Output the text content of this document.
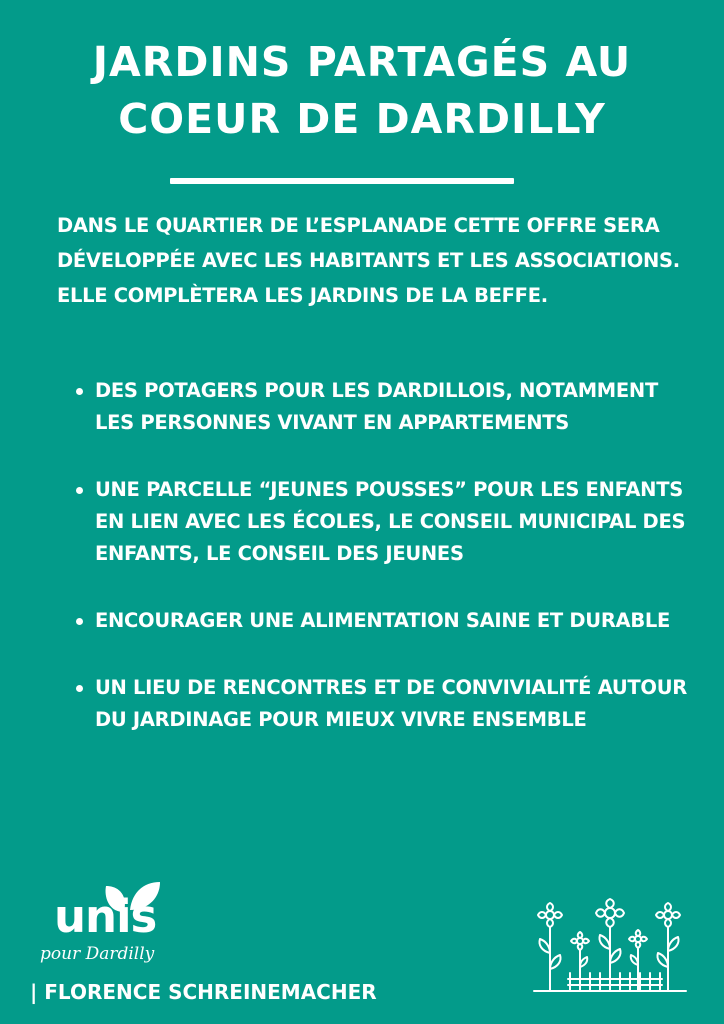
JARDINS PARTAGÉS AU COEUR DE DARDILLY

DANS LE QUARTIER DE L’ESPLANADE CETTE OFFRE SERA DÉVELOPPÉE AVEC LES HABITANTS ET LES ASSOCIATIONS. ELLE COMPLÈTERA LES JARDINS DE LA BEFFE.

DES POTAGERS POUR LES DARDILLOIS, NOTAMMENT LES PERSONNES VIVANT EN APPARTEMENTS
UNE PARCELLE “JEUNES POUSSES” POUR LES ENFANTS EN LIEN AVEC LES ÉCOLES, LE CONSEIL MUNICIPAL DES ENFANTS, LE CONSEIL DES JEUNES
ENCOURAGER UNE ALIMENTATION SAINE ET DURABLE
UN LIEU DE RENCONTRES ET DE CONVIVIALITÉ AUTOUR DU JARDINAGE POUR MIEUX VIVRE ENSEMBLE
unis
pour Dardilly
| FLORENCE SCHREINEMACHER
